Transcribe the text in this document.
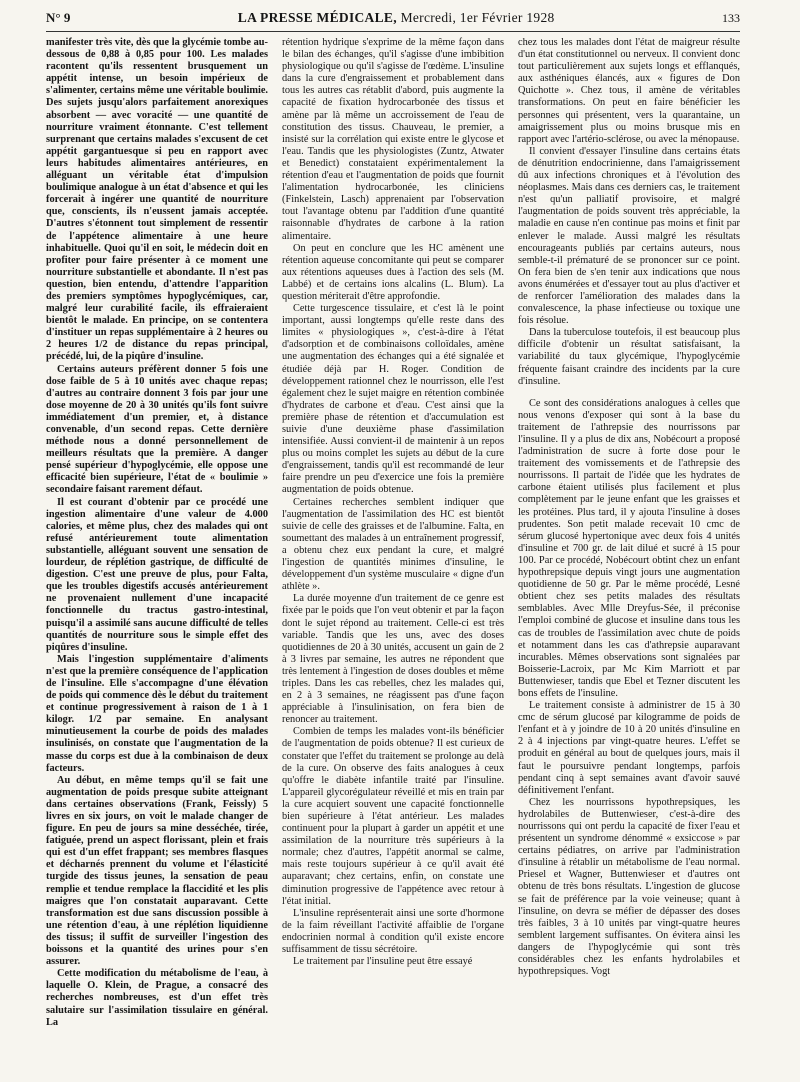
N° 9	LA PRESSE MÉDICALE, Mercredi, 1er Février 1928	133

manifester très vite, dès que la glycémie tombe au-dessous de 0,88 à 0,85 pour 100. Les malades racontent qu'ils ressentent brusquement un appétit intense, un besoin impérieux de s'alimenter, certains même une véritable boulimie. Des sujets jusqu'alors parfaitement anorexiques absorbent — avec voracité — une quantité de nourriture vraiment étonnante. C'est tellement surprenant que certains malades s'excusent de cet appétit gargantuesque si peu en rapport avec leurs habitudes alimentaires antérieures, en alléguant un véritable état d'impulsion boulimique analogue à un état d'absence et qui les forcerait à ingérer une quantité de nourriture que, conscients, ils n'eussent jamais acceptée. D'autres s'étonnent tout simplement de ressentir de l'appétence alimentaire à une heure inhabituelle. Quoi qu'il en soit, le médecin doit en profiter pour faire présenter à ce moment une nourriture substantielle et abondante. Il n'est pas question, bien entendu, d'attendre l'apparition des premiers symptômes hypoglycémiques, car, malgré leur curabilité facile, ils effraieraient bientôt le malade. En principe, on se contentera d'instituer un repas supplémentaire à 2 heures ou 2 heures 1/2 de distance du repas principal, précédé, lui, de la piqûre d'insuline.

Certains auteurs préfèrent donner 5 fois une dose faible de 5 à 10 unités avec chaque repas; d'autres au contraire donnent 3 fois par jour une dose moyenne de 20 à 30 unités qu'ils font suivre immédiatement d'un premier, et, à distance convenable, d'un second repas. Cette dernière méthode nous a donné personnellement de meilleurs résultats que la première. A danger pensé supérieur d'hypoglycémie, elle oppose une efficacité bien supérieure, l'état de « boulimie » secondaire faisant rarement défaut.

Il est courant d'obtenir par ce procédé une ingestion alimentaire d'une valeur de 4.000 calories, et même plus, chez des malades qui ont refusé antérieurement toute alimentation substantielle, alléguant souvent une sensation de lourdeur, de réplétion gastrique, de difficulté de digestion. C'est une preuve de plus, pour Falta, que les troubles digestifs accusés antérieurement ne provenaient nullement d'une incapacité fonctionnelle du tractus gastro-intestinal, puisqu'il a assimilé sans aucune difficulté de telles quantités de nourriture sous le simple effet des piqûres d'insuline.

Mais l'ingestion supplémentaire d'aliments n'est que la première conséquence de l'application de l'insuline. Elle s'accompagne d'une élévation de poids qui commence dès le début du traitement et continue progressivement à raison de 1 à 1 kilogr. 1/2 par semaine. En analysant minutieusement la courbe de poids des malades insulinisés, on constate que l'augmentation de la masse du corps est due à la combinaison de deux facteurs.

Au début, en même temps qu'il se fait une augmentation de poids presque subite atteignant dans certaines observations (Frank, Feissly) 5 livres en six jours, on voit le malade changer de figure. En peu de jours sa mine desséchée, tirée, fatiguée, prend un aspect florissant, plein et frais qui est d'un effet frappant; ses membres flasques et décharnés prennent du volume et l'élasticité turgide des tissus jeunes, la sensation de peau remplie et tendue remplace la flaccidité et les plis maigres que l'on constatait auparavant. Cette transformation est due sans discussion possible à une rétention d'eau, à une réplétion liquidienne des tissus; il suffit de surveiller l'ingestion des boissons et la quantité des urines pour s'en assurer.

Cette modification du métabolisme de l'eau, à laquelle O. Klein, de Prague, a consacré des recherches nombreuses, est d'un effet très salutaire sur l'assimilation tissulaire en général. La

rétention hydrique s'exprime de la même façon dans le bilan des échanges, qu'il s'agisse d'une imbibition physiologique ou qu'il s'agisse de l'œdème. L'insuline dans la cure d'engraissement et probablement dans tous les autres cas rétablit d'abord, puis augmente la capacité de fixation hydrocarbonée des tissus et amène par là même un accroissement de l'eau de constitution des tissus. Chauveau, le premier, a insisté sur la corrélation qui existe entre le glycose et l'eau. Tandis que les physiologistes (Zuntz, Atwater et Benedict) constataient expérimentalement la rétention d'eau et l'augmentation de poids que fournit l'alimentation hydrocarbonée, les cliniciens (Finkelstein, Lasch) apprenaient par l'observation tout l'avantage obtenu par l'addition d'une quantité raisonnable d'hydrates de carbone à la ration alimentaire.

On peut en conclure que les HC amènent une rétention aqueuse concomitante qui peut se comparer aux rétentions aqueuses dues à l'action des sels (M. Labbé) et de certains ions alcalins (L. Blum). La question mériterait d'être approfondie.

Cette turgescence tissulaire, et c'est là le point important, aussi longtemps qu'elle reste dans des limites « physiologiques », c'est-à-dire à l'état d'adsorption et de combinaisons colloïdales, amène une augmentation des échanges qui a été signalée et étudiée déjà par H. Roger. Condition de développement rationnel chez le nourrisson, elle l'est également chez le sujet maigre en rétention combinée d'hydrates de carbone et d'eau. C'est ainsi que la première phase de rétention et d'accumulation est suivie d'une deuxième phase d'assimilation intensifiée. Aussi convient-il de maintenir à un repos plus ou moins complet les sujets au début de la cure d'engraissement, tandis qu'il est recommandé de leur faire prendre un peu d'exercice une fois la première augmentation de poids obtenue.

Certaines recherches semblent indiquer que l'augmentation de l'assimilation des HC est bientôt suivie de celle des graisses et de l'albumine. Falta, en soumettant des malades à un entraînement progressif, a obtenu chez eux pendant la cure, et malgré l'ingestion de quantités minimes d'insuline, le développement d'un système musculaire « digne d'un athlète ».

La durée moyenne d'un traitement de ce genre est fixée par le poids que l'on veut obtenir et par la façon dont le sujet répond au traitement. Celle-ci est très variable. Tandis que les uns, avec des doses quotidiennes de 20 à 30 unités, accusent un gain de 2 à 3 livres par semaine, les autres ne répondent que très lentement à l'ingestion de doses doubles et même triples. Dans les cas rebelles, chez les malades qui, en 2 à 3 semaines, ne réagissent pas d'une façon appréciable à l'insulinisation, on fera bien de renoncer au traitement.

Combien de temps les malades vont-ils bénéficier de l'augmentation de poids obtenue? Il est curieux de constater que l'effet du traitement se prolonge au delà de la cure. On observe des faits analogues à ceux qu'offre le diabète infantile traité par l'insuline. L'appareil glycorégulateur réveillé et mis en train par la cure acquiert souvent une capacité fonctionnelle bien supérieure à l'état antérieur. Les malades continuent pour la plupart à garder un appétit et une assimilation de la nourriture très supérieurs à la normale; chez d'autres, l'appétit anormal se calme, mais reste toujours supérieur à ce qu'il avait été auparavant; chez certains, enfin, on constate une diminution progressive de l'appétence avec retour à l'état initial.

L'insuline représenterait ainsi une sorte d'hormone de la faim réveillant l'activité affaiblie de l'organe endocrinien normal à condition qu'il existe encore suffisamment de tissu sécrétoire.

Le traitement par l'insuline peut être essayé

chez tous les malades dont l'état de maigreur résulte d'un état constitutionnel ou nerveux. Il convient donc tout particulièrement aux sujets longs et efflanqués, aux asthéniques élancés, aux « figures de Don Quichotte ». Chez tous, il amène de véritables transformations. On peut en faire bénéficier les personnes qui présentent, vers la quarantaine, un amaigrissement plus ou moins brusque mis en rapport avec l'artério-sclérose, ou avec la ménopause.

Il convient d'essayer l'insuline dans certains états de dénutrition endocrinienne, dans l'amaigrissement dû aux infections chroniques et à l'évolution des néoplasmes. Mais dans ces derniers cas, le traitement n'est qu'un palliatif provisoire, et malgré l'augmentation de poids souvent très appréciable, la maladie en cause n'en continue pas moins et finit par enlever le malade. Aussi malgré les résultats encourageants publiés par certains auteurs, nous semble-t-il prématuré de se prononcer sur ce point. On fera bien de s'en tenir aux indications que nous avons énumérées et d'essayer tout au plus d'activer et de renforcer l'amélioration des malades dans la convalescence, la phase infectieuse ou toxique une fois résolue.

Dans la tuberculose toutefois, il est beaucoup plus difficile d'obtenir un résultat satisfaisant, la variabilité du taux glycémique, l'hypoglycémie fréquente faisant craindre des incidents par la cure d'insuline.

Ce sont des considérations analogues à celles que nous venons d'exposer qui sont à la base du traitement de l'athrepsie des nourrissons par l'insuline. Il y a plus de dix ans, Nobécourt a proposé l'administration de sucre à forte dose pour le traitement des vomissements et de l'athrepsie des nourrissons. Il partait de l'idée que les hydrates de carbone étaient utilisés plus facilement et plus complètement par le jeune enfant que les graisses et les protéines. Plus tard, il y ajouta l'insuline à doses prudentes. Son petit malade recevait 10 cmc de sérum glucosé hypertonique avec deux fois 4 unités d'insuline et 700 gr. de lait dilué et sucré à 15 pour 100. Par ce procédé, Nobécourt obtint chez un enfant hypothrepsique depuis vingt jours une augmentation quotidienne de 50 gr. Par le même procédé, Lesné obtient chez ses petits malades des résultats semblables. Avec Mlle Dreyfus-Sée, il préconise l'emploi combiné de glucose et insuline dans tous les cas de troubles de l'assimilation avec chute de poids et notamment dans les cas d'athrepsie auparavant incurables. Mêmes observations sont signalées par Boisserie-Lacroix, par Mc Kim Marriott et par Buttenwieser, tandis que Ebel et Tezner discutent les bons effets de l'insuline.

Le traitement consiste à administrer de 15 à 30 cmc de sérum glucosé par kilogramme de poids de l'enfant et à y joindre de 10 à 20 unités d'insuline en 2 à 4 injections par vingt-quatre heures. L'effet se produit en général au bout de quelques jours, mais il faut le poursuivre pendant longtemps, parfois pendant cinq à sept semaines avant d'avoir sauvé définitivement l'enfant.

Chez les nourrissons hypothrepsiques, les hydrolabiles de Buttenwieser, c'est-à-dire des nourrissons qui ont perdu la capacité de fixer l'eau et présentent un syndrome dénommé « exsiccose » par certains pédiatres, on arrive par l'administration d'insuline à rétablir un métabolisme de l'eau normal. Priesel et Wagner, Buttenwieser et d'autres ont obtenu de très bons résultats. L'ingestion de glucose se fait de préférence par la voie veineuse; quant à l'insuline, on devra se méfier de dépasser des doses très faibles, 3 à 10 unités par vingt-quatre heures semblent largement suffisantes. On évitera ainsi les dangers de l'hypoglycémie qui sont très considérables chez les enfants hydrolabiles et hypothrepsiques. Vogt
